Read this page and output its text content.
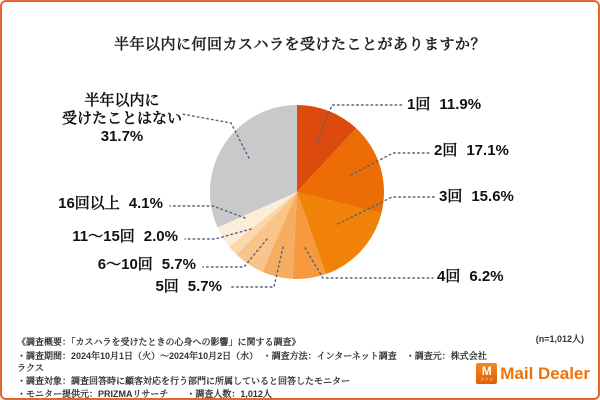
半年以内に何回カスハラを受けたことがありますか？
1回 11.9%
2回 17.1%
3回 15.6%
4回 6.2%
5回 5.7%
6〜10回 5.7%
11〜15回 2.0%
16回以上 4.1%
半年以内に
受けたことはない
31.7%
(n=1,012人)
《調査概要：「カスハラを受けたときの心身への影響」に関する調査》
・調査期間：2024年10月1日（火）〜2024年10月2日（水）　・調査方法：インターネット調査　・調査元：株式会社ラクス
・調査対象：調査回答時に顧客対応を行う部門に所属していると回答したモニター
・モニター提供元：PRIZMAリサーチ　　・調査人数：1,012人
M
ラクス Mail Dealer
